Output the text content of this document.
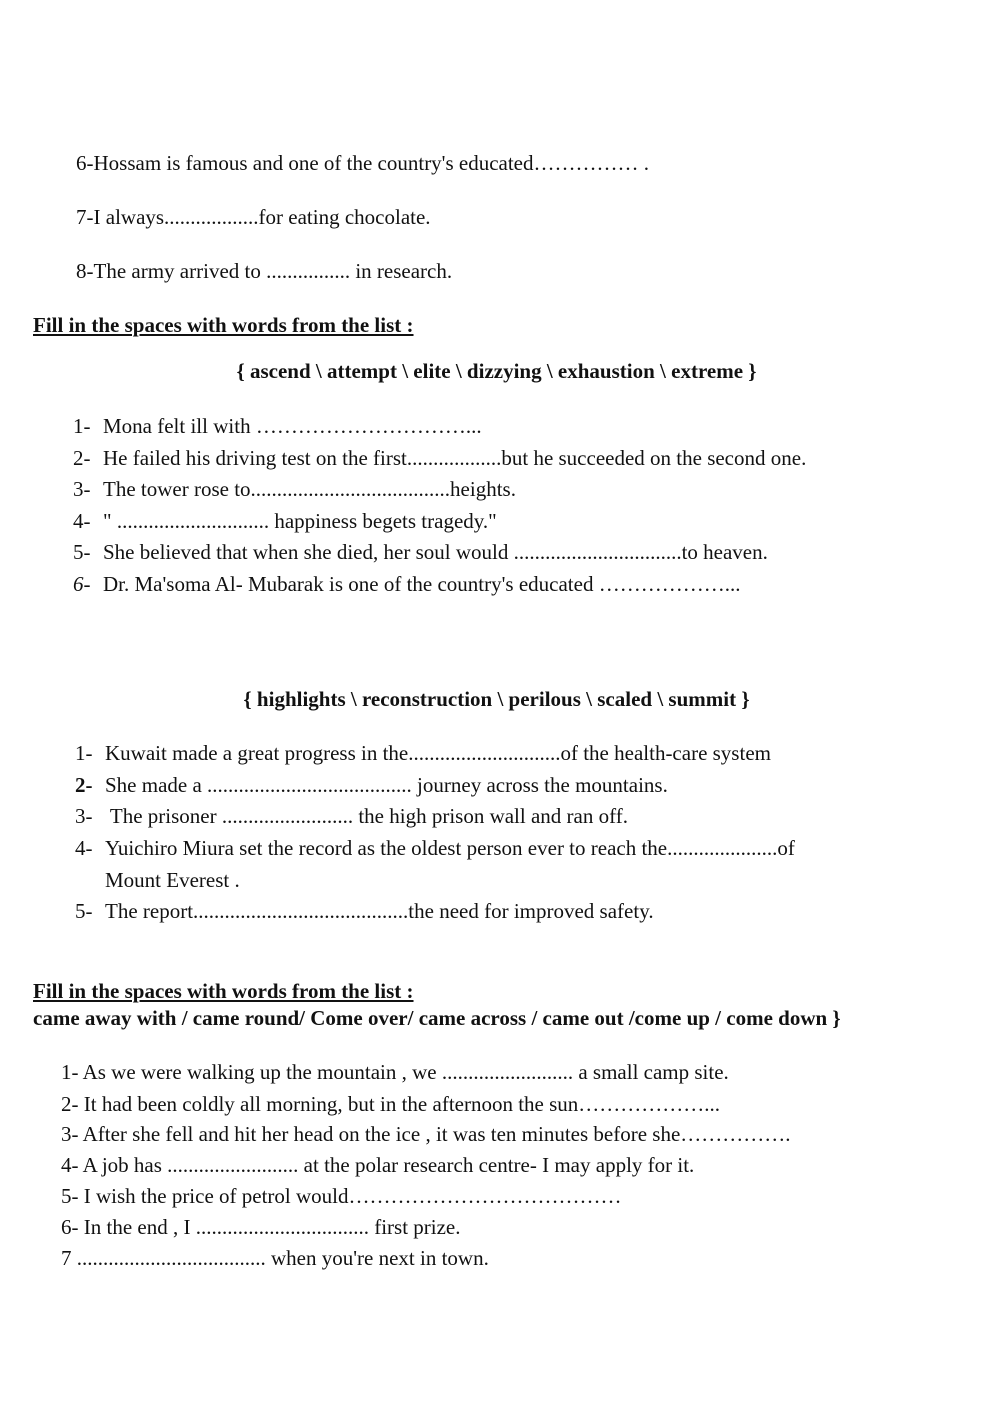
6-Hossam is famous and one of the country's educated…………… .
7-I always..................for eating chocolate.
8-The army arrived to ................ in research.
Fill in the spaces with words from the list :
{ ascend \ attempt \ elite \ dizzying \ exhaustion \ extreme }
1- Mona felt ill with …………………………...
2- He failed his driving test on the first..................but he succeeded on the second one.
3- The tower rose to......................................heights.
4- " ............................. happiness begets tragedy."
5- She believed that when she died, her soul would ................................to heaven.
6- Dr. Ma'soma Al- Mubarak is one of the country's educated ………………...
{ highlights \ reconstruction \ perilous \ scaled \ summit }
1- Kuwait made a great progress in the.............................of the health-care system
2- She made a ....................................... journey across the mountains.
3- The prisoner ......................... the high prison wall and ran off.
4- Yuichiro Miura set the record as the oldest person ever to reach the.....................of
Mount Everest .
5- The report.........................................the need for improved safety.
Fill in the spaces with words from the list :
came away with / came round/ Come over/ came across / came out /come up / come down }
1- As we were walking up the mountain , we ......................... a small camp site.
2- It had been coldly all morning, but in the afternoon the sun………………...
3- After she fell and hit her head on the ice , it was ten minutes before she…………….
4- A job has ......................... at the polar research centre- I may apply for it.
5- I wish the price of petrol would…………………………………
6- In the end , I ................................. first prize.
7 .................................... when you're next in town.
